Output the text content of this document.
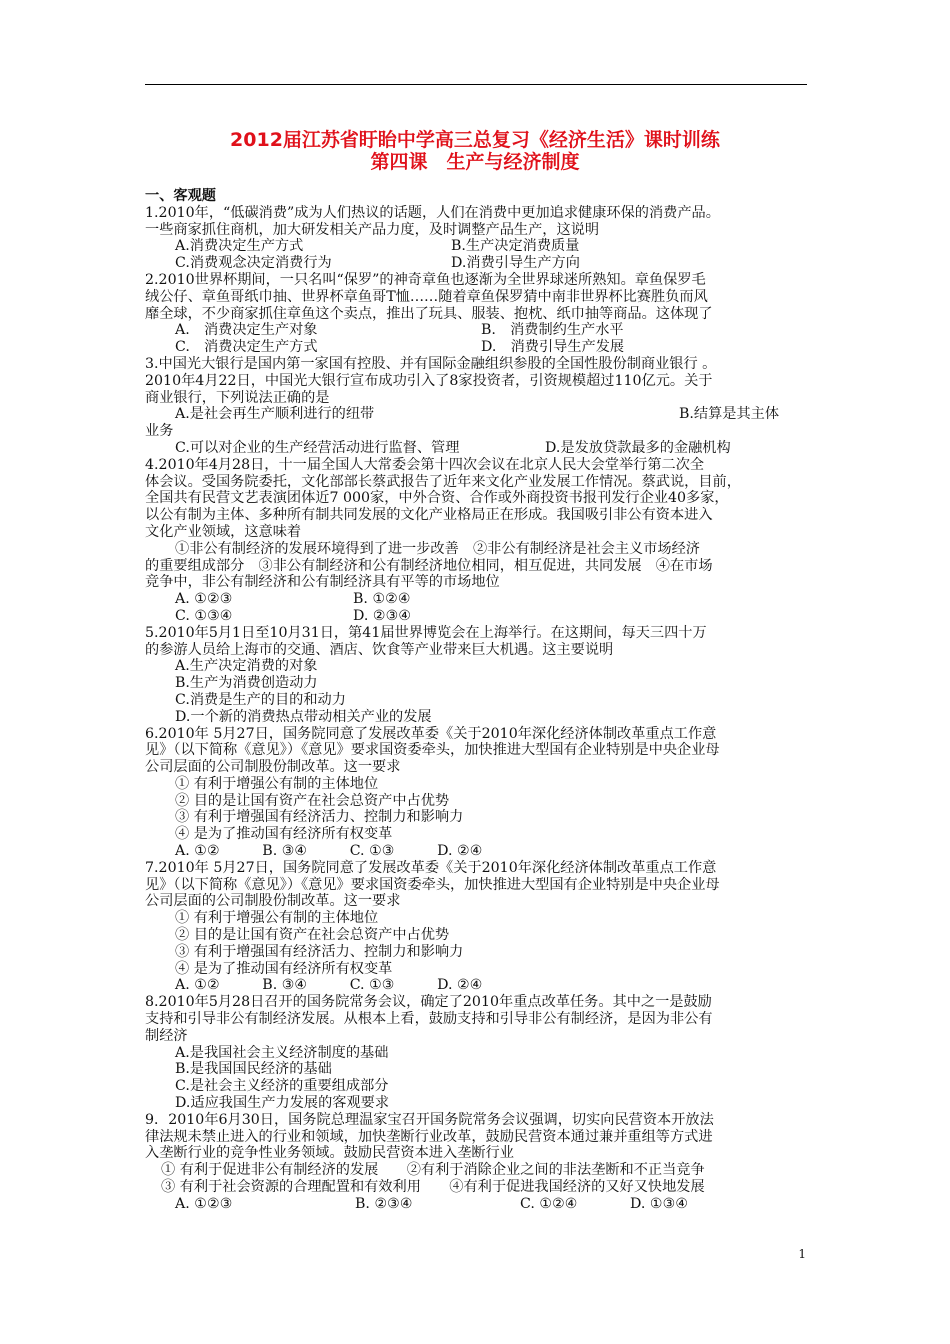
2012届江苏省盱眙中学高三总复习《经济生活》课时训练
第四课　生产与经济制度
一、客观题
1.2010年，“低碳消费”成为人们热议的话题，人们在消费中更加追求健康环保的消费产品。
一些商家抓住商机，加大研发相关产品力度，及时调整产品生产，这说明
A.消费决定生产方式	B.生产决定消费质量
C.消费观念决定消费行为	D.消费引导生产方向
2.2010世界杯期间，一只名叫“保罗”的神奇章鱼也逐渐为全世界球迷所熟知。章鱼保罗毛
绒公仔、章鱼哥纸巾抽、世界杯章鱼哥T恤……随着章鱼保罗猜中南非世界杯比赛胜负而风
靡全球，不少商家抓住章鱼这个卖点，推出了玩具、服装、抱枕、纸巾抽等商品。这体现了
A.　消费决定生产对象	B.　消费制约生产水平
C.　消费决定生产方式	D.　消费引导生产发展
3.中国光大银行是国内第一家国有控股、并有国际金融组织参股的全国性股份制商业银行 。
2010年4月22日，中国光大银行宣布成功引入了8家投资者，引资规模超过110亿元。关于
商业银行，下列说法正确的是
A.是社会再生产顺利进行的纽带	B.结算是其主体
业务
C.可以对企业的生产经营活动进行监督、管理	D.是发放贷款最多的金融机构
4.2010年4月28日，十一届全国人大常委会第十四次会议在北京人民大会堂举行第二次全
体会议。受国务院委托，文化部部长蔡武报告了近年来文化产业发展工作情况。蔡武说，目前，
全国共有民营文艺表演团体近7 000家，中外合资、合作或外商投资书报刊发行企业40多家，
以公有制为主体、多种所有制共同发展的文化产业格局正在形成。我国吸引非公有资本进入
文化产业领域，这意味着
①非公有制经济的发展环境得到了进一步改善　②非公有制经济是社会主义市场经济
的重要组成部分　③非公有制经济和公有制经济地位相同，相互促进，共同发展　④在市场
竞争中，非公有制经济和公有制经济具有平等的市场地位
A. ①②③	B. ①②④
C. ①③④	D. ②③④
5.2010年5月1日至10月31日，第41届世界博览会在上海举行。在这期间，每天三四十万
的参游人员给上海市的交通、酒店、饮食等产业带来巨大机遇。这主要说明
A.生产决定消费的对象
B.生产为消费创造动力
C.消费是生产的目的和动力
D.一个新的消费热点带动相关产业的发展
6.2010年 5月27日，国务院同意了发展改革委《关于2010年深化经济体制改革重点工作意
见》（以下简称《意见》）《意见》要求国资委牵头，加快推进大型国有企业特别是中央企业母
公司层面的公司制股份制改革。这一要求
① 有利于增强公有制的主体地位
② 目的是让国有资产在社会总资产中占优势
③ 有利于增强国有经济活力、控制力和影响力
④ 是为了推动国有经济所有权变革
A. ①②　　　B. ③④　　　C. ①③　　　D. ②④
7.2010年 5月27日，国务院同意了发展改革委《关于2010年深化经济体制改革重点工作意
见》（以下简称《意见》）《意见》要求国资委牵头，加快推进大型国有企业特别是中央企业母
公司层面的公司制股份制改革。这一要求
① 有利于增强公有制的主体地位
② 目的是让国有资产在社会总资产中占优势
③ 有利于增强国有经济活力、控制力和影响力
④ 是为了推动国有经济所有权变革
A. ①②　　　B. ③④　　　C. ①③　　　D. ②④
8.2010年5月28日召开的国务院常务会议，确定了2010年重点改革任务。其中之一是鼓励
支持和引导非公有制经济发展。从根本上看，鼓励支持和引导非公有制经济，是因为非公有
制经济
A.是我国社会主义经济制度的基础
B.是我国国民经济的基础
C.是社会主义经济的重要组成部分
D.适应我国生产力发展的客观要求
9．2010年6月30日，国务院总理温家宝召开国务院常务会议强调，切实向民营资本开放法
律法规未禁止进入的行业和领域，加快垄断行业改革，鼓励民营资本通过兼并重组等方式进
入垄断行业的竞争性业务领域。鼓励民营资本进入垄断行业
① 有利于促进非公有制经济的发展　　②有利于消除企业之间的非法垄断和不正当竞争
③ 有利于社会资源的合理配置和有效利用　　④有利于促进我国经济的又好又快地发展
A. ①②③	B. ②③④	C. ①②④	D. ①③④
1
